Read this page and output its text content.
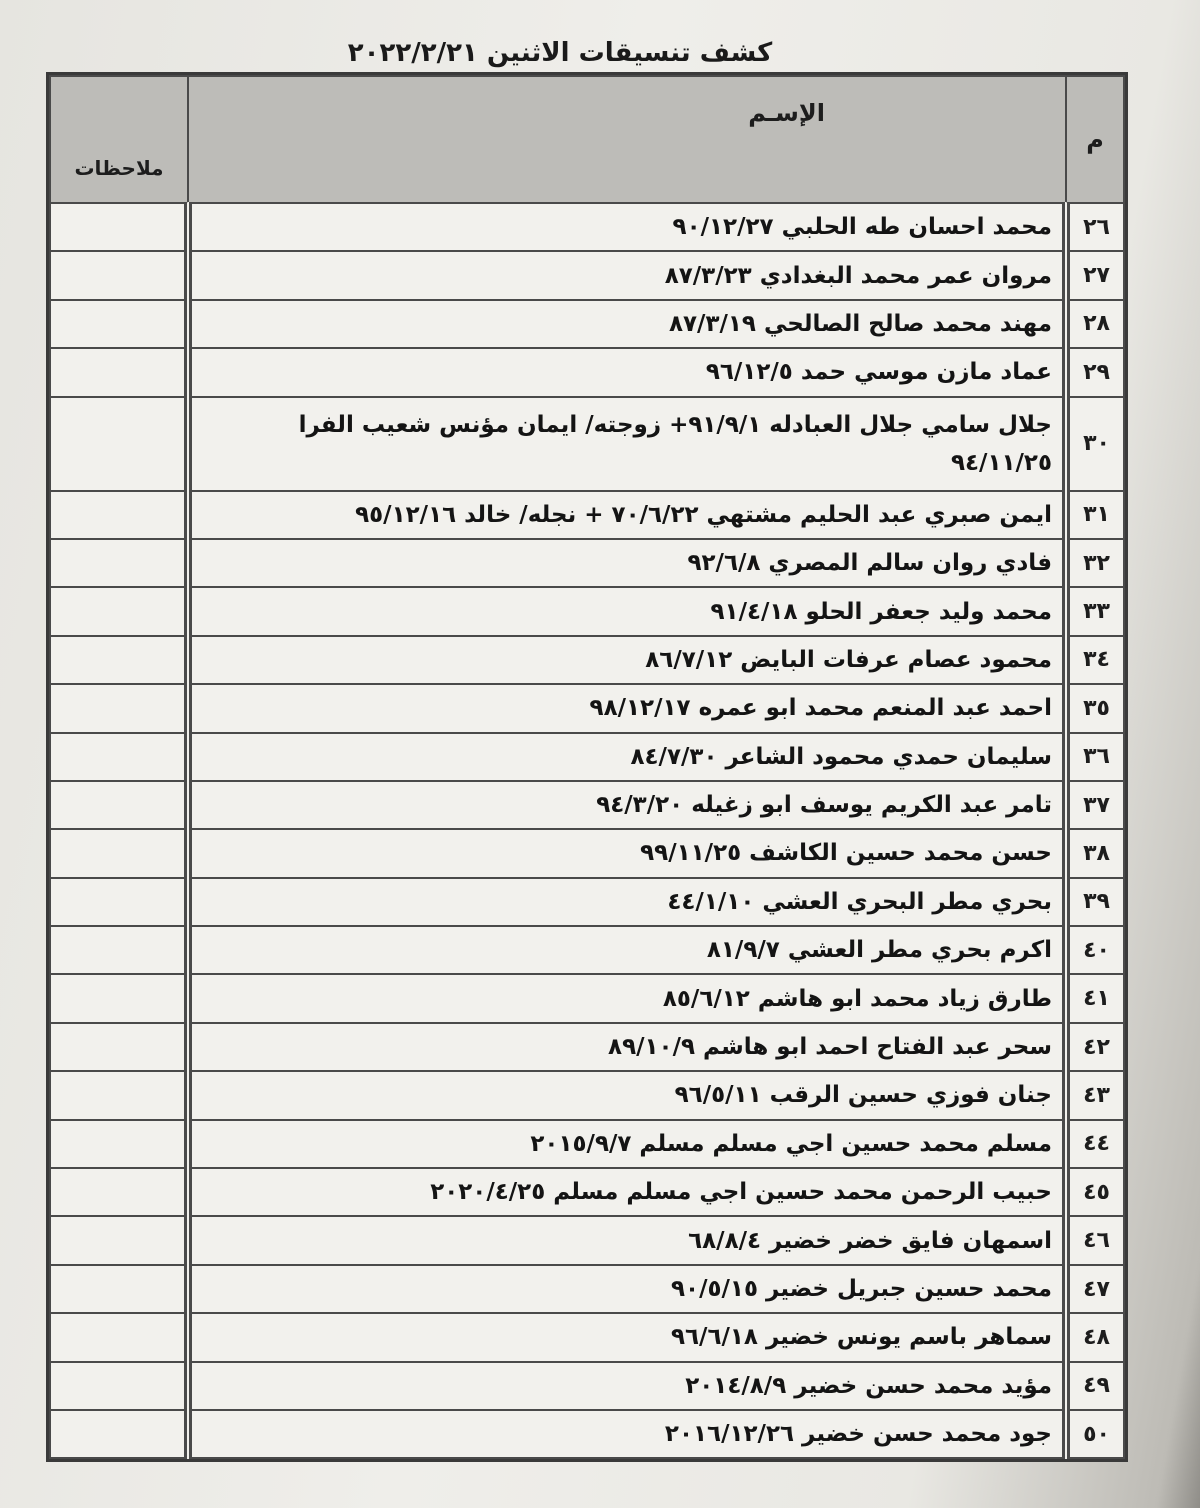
كشف تنسيقات الاثنين ٢٠٢٢/٢/٢١
م	الإسـم	ملاحظات
٢٦	محمد احسان طه الحلبي ٩٠/١٢/٢٧	
٢٧	مروان عمر محمد البغدادي ٨٧/٣/٢٣	
٢٨	مهند محمد صالح الصالحي ٨٧/٣/١٩	
٢٩	عماد مازن موسي حمد ٩٦/١٢/٥	
٣٠	جلال سامي جلال العبادله ٩١/٩/١+ زوجته/ ايمان مؤنس شعيب الفرا ٩٤/١١/٢٥	
٣١	ايمن صبري عبد الحليم مشتهي ٧٠/٦/٢٢ + نجله/ خالد ٩٥/١٢/١٦	
٣٢	فادي روان سالم المصري ٩٢/٦/٨	
٣٣	محمد وليد جعفر الحلو ٩١/٤/١٨	
٣٤	محمود عصام عرفات البايض ٨٦/٧/١٢	
٣٥	احمد عبد المنعم محمد ابو عمره ٩٨/١٢/١٧	
٣٦	سليمان حمدي محمود الشاعر ٨٤/٧/٣٠	
٣٧	تامر عبد الكريم يوسف ابو زغيله ٩٤/٣/٢٠	
٣٨	حسن محمد حسين الكاشف ٩٩/١١/٢٥	
٣٩	بحري مطر البحري العشي ٤٤/١/١٠	
٤٠	اكرم بحري مطر العشي ٨١/٩/٧	
٤١	طارق زياد محمد ابو هاشم ٨٥/٦/١٢	
٤٢	سحر عبد الفتاح احمد ابو هاشم ٨٩/١٠/٩	
٤٣	جنان فوزي حسين الرقب ٩٦/٥/١١	
٤٤	مسلم محمد حسين اجي مسلم مسلم ٢٠١٥/٩/٧	
٤٥	حبيب الرحمن محمد حسين اجي مسلم مسلم ٢٠٢٠/٤/٢٥	
٤٦	اسمهان فايق خضر خضير ٦٨/٨/٤	
٤٧	محمد حسين جبريل خضير ٩٠/٥/١٥	
٤٨	سماهر باسم يونس خضير ٩٦/٦/١٨	
٤٩	مؤيد محمد حسن خضير ٢٠١٤/٨/٩	
٥٠	جود محمد حسن خضير ٢٠١٦/١٢/٢٦	
